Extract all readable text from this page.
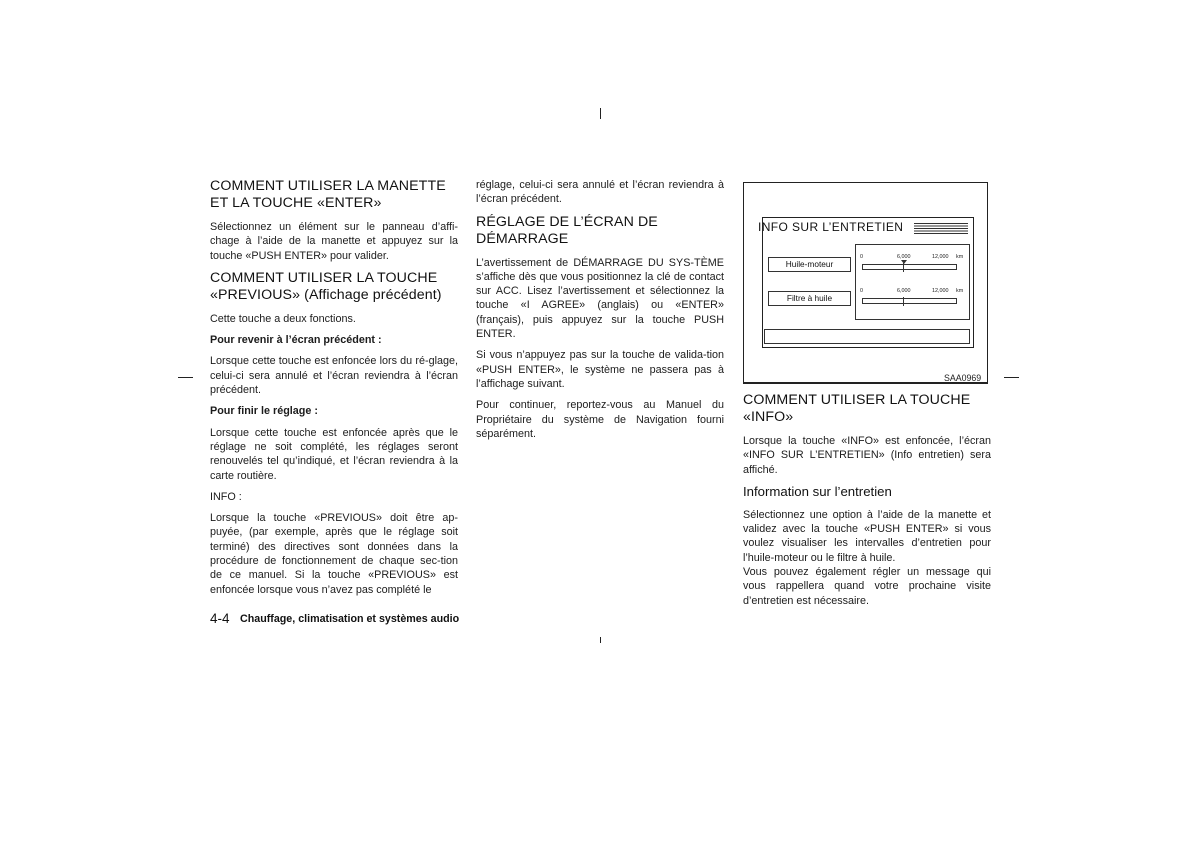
COMMENT UTILISER LA MANETTE ET LA TOUCHE «ENTER»

Sélectionnez un élément sur le panneau d’affi-chage à l’aide de la manette et appuyez sur la touche «PUSH ENTER» pour valider.

COMMENT UTILISER LA TOUCHE «PREVIOUS» (Affichage précédent)

Cette touche a deux fonctions.

Pour revenir à l’écran précédent :

Lorsque cette touche est enfoncée lors du ré-glage, celui-ci sera annulé et l’écran reviendra à l’écran précédent.

Pour finir le réglage :

Lorsque cette touche est enfoncée après que le réglage ne soit complété, les réglages seront renouvelés tel qu’indiqué, et l’écran reviendra à la carte routière.

INFO :

Lorsque la touche «PREVIOUS» doit être ap-puyée, (par exemple, après que le réglage soit terminé) des directives sont données dans la procédure de fonctionnement de chaque sec-tion de ce manuel. Si la touche «PREVIOUS» est enfoncée lorsque vous n’avez pas complété le

réglage, celui-ci sera annulé et l’écran reviendra à l’écran précédent.

RÉGLAGE DE L’ÉCRAN DE DÉMARRAGE

L’avertissement de DÉMARRAGE DU SYS-TÈME s’affiche dès que vous positionnez la clé de contact sur ACC. Lisez l’avertissement et sélectionnez la touche «I AGREE» (anglais) ou «ENTER» (français), puis appuyez sur la touche PUSH ENTER.

Si vous n’appuyez pas sur la touche de valida-tion «PUSH ENTER», le système ne passera pas à l’affichage suivant.

Pour continuer, reportez-vous au Manuel du Propriétaire du système de Navigation fourni séparément.

INFO SUR L’ENTRETIEN
Huile-moteur
Filtre à huile
0	6,000	12,000 km
0	6,000	12,000 km
SAA0969
COMMENT UTILISER LA TOUCHE «INFO»

Lorsque la touche «INFO» est enfoncée, l’écran «INFO SUR L’ENTRETIEN» (Info entretien) sera affiché.

Information sur l’entretien

Sélectionnez une option à l’aide de la manette et validez avec la touche «PUSH ENTER» si vous voulez visualiser les intervalles d’entretien pour l’huile-moteur ou le filtre à huile.

Vous pouvez également régler un message qui vous rappellera quand votre prochaine visite d’entretien est nécessaire.

4-4 Chauffage, climatisation et systèmes audio
